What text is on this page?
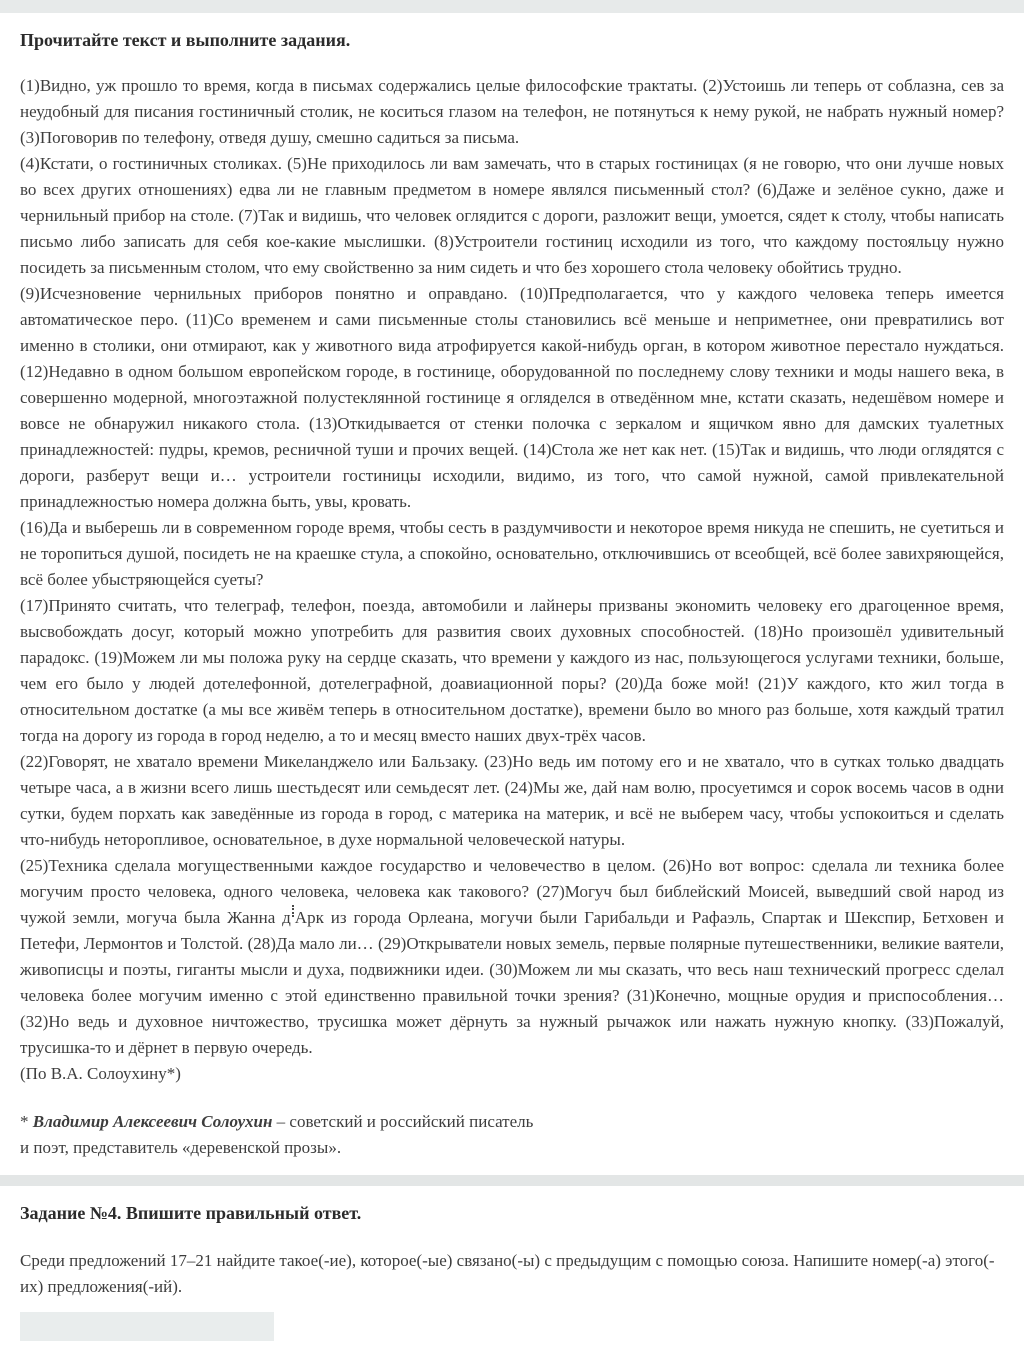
Прочитайте текст и выполните задания.

(1)Видно, уж прошло то время, когда в письмах содержались целые философские трактаты. (2)Устоишь ли теперь от соблазна, сев за неудобный для писания гостиничный столик, не коситься глазом на телефон, не потянуться к нему рукой, не набрать нужный номер? (3)Поговорив по телефону, отведя душу, смешно садиться за письма.

(4)Кстати, о гостиничных столиках. (5)Не приходилось ли вам замечать, что в старых гостиницах (я не говорю, что они лучше новых во всех других отношениях) едва ли не главным предметом в номере являлся письменный стол? (6)Даже и зелёное сукно, даже и чернильный прибор на столе. (7)Так и видишь, что человек оглядится с дороги, разложит вещи, умоется, сядет к столу, чтобы написать письмо либо записать для себя кое-какие мыслишки. (8)Устроители гостиниц исходили из того, что каждому постояльцу нужно посидеть за письменным столом, что ему свойственно за ним сидеть и что без хорошего стола человеку обойтись трудно.

(9)Исчезновение чернильных приборов понятно и оправдано. (10)Предполагается, что у каждого человека теперь имеется автоматическое перо. (11)Со временем и сами письменные столы становились всё меньше и неприметнее, они превратились вот именно в столики, они отмирают, как у животного вида атрофируется какой-нибудь орган, в котором животное перестало нуждаться. (12)Недавно в одном большом европейском городе, в гостинице, оборудованной по последнему слову техники и моды нашего века, в совершенно модерной, многоэтажной полустеклянной гостинице я огляделся в отведённом мне, кстати сказать, недешёвом номере и вовсе не обнаружил никакого стола. (13)Откидывается от стенки полочка с зеркалом и ящичком явно для дамских туалетных принадлежностей: пудры, кремов, ресничной туши и прочих вещей. (14)Стола же нет как нет. (15)Так и видишь, что люди оглядятся с дороги, разберут вещи и… устроители гостиницы исходили, видимо, из того, что самой нужной, самой привлекательной принадлежностью номера должна быть, увы, кровать.

(16)Да и выберешь ли в современном городе время, чтобы сесть в раздумчивости и некоторое время никуда не спешить, не суетиться и не торопиться душой, посидеть не на краешке стула, а спокойно, основательно, отключившись от всеобщей, всё более завихряющейся, всё более убыстряющейся суеты?

(17)Принято считать, что телеграф, телефон, поезда, автомобили и лайнеры призваны экономить человеку его драгоценное время, высвобождать досуг, который можно употребить для развития своих духовных способностей. (18)Но произошёл удивительный парадокс. (19)Можем ли мы положа руку на сердце сказать, что времени у каждого из нас, пользующегося услугами техники, больше, чем его было у людей дотелефонной, дотелеграфной, доавиационной поры? (20)Да боже мой! (21)У каждого, кто жил тогда в относительном достатке (а мы все живём теперь в относительном достатке), времени было во много раз больше, хотя каждый тратил тогда на дорогу из города в город неделю, а то и месяц вместо наших двух-трёх часов.

(22)Говорят, не хватало времени Микеланджело или Бальзаку. (23)Но ведь им потому его и не хватало, что в сутках только двадцать четыре часа, а в жизни всего лишь шестьдесят или семьдесят лет. (24)Мы же, дай нам волю, просуетимся и сорок восемь часов в одни сутки, будем порхать как заведённые из города в город, с материка на материк, и всё не выберем часу, чтобы успокоиться и сделать что-нибудь неторопливое, основательное, в духе нормальной человеческой натуры.

(25)Техника сделала могущественными каждое государство и человечество в целом. (26)Но вот вопрос: сделала ли техника более могучим просто человека, одного человека, человека как такового? (27)Могуч был библейский Моисей, выведший свой народ из чужой земли, могуча была Жанна д Арк из города Орлеана, могучи были Гарибальди и Рафаэль, Спартак и Шекспир, Бетховен и Петефи, Лермонтов и Толстой. (28)Да мало ли… (29)Открыватели новых земель, первые полярные путешественники, великие ваятели, живописцы и поэты, гиганты мысли и духа, подвижники идеи. (30)Можем ли мы сказать, что весь наш технический прогресс сделал человека более могучим именно с этой единственно правильной точки зрения? (31)Конечно, мощные орудия и приспособления… (32)Но ведь и духовное ничтожество, трусишка может дёрнуть за нужный рычажок или нажать нужную кнопку. (33)Пожалуй, трусишка-то и дёрнет в первую очередь.

(По В.А. Солоухину*)

* Владимир Алексеевич Солоухин – советский и российский писатель
и поэт, представитель «деревенской прозы».
Задание №4. Впишите правильный ответ.

Среди предложений 17–21 найдите такое(-ие), которое(-ые) связано(-ы) с предыдущим с помощью союза. Напишите номер(-а) этого(-их) предложения(-ий).
